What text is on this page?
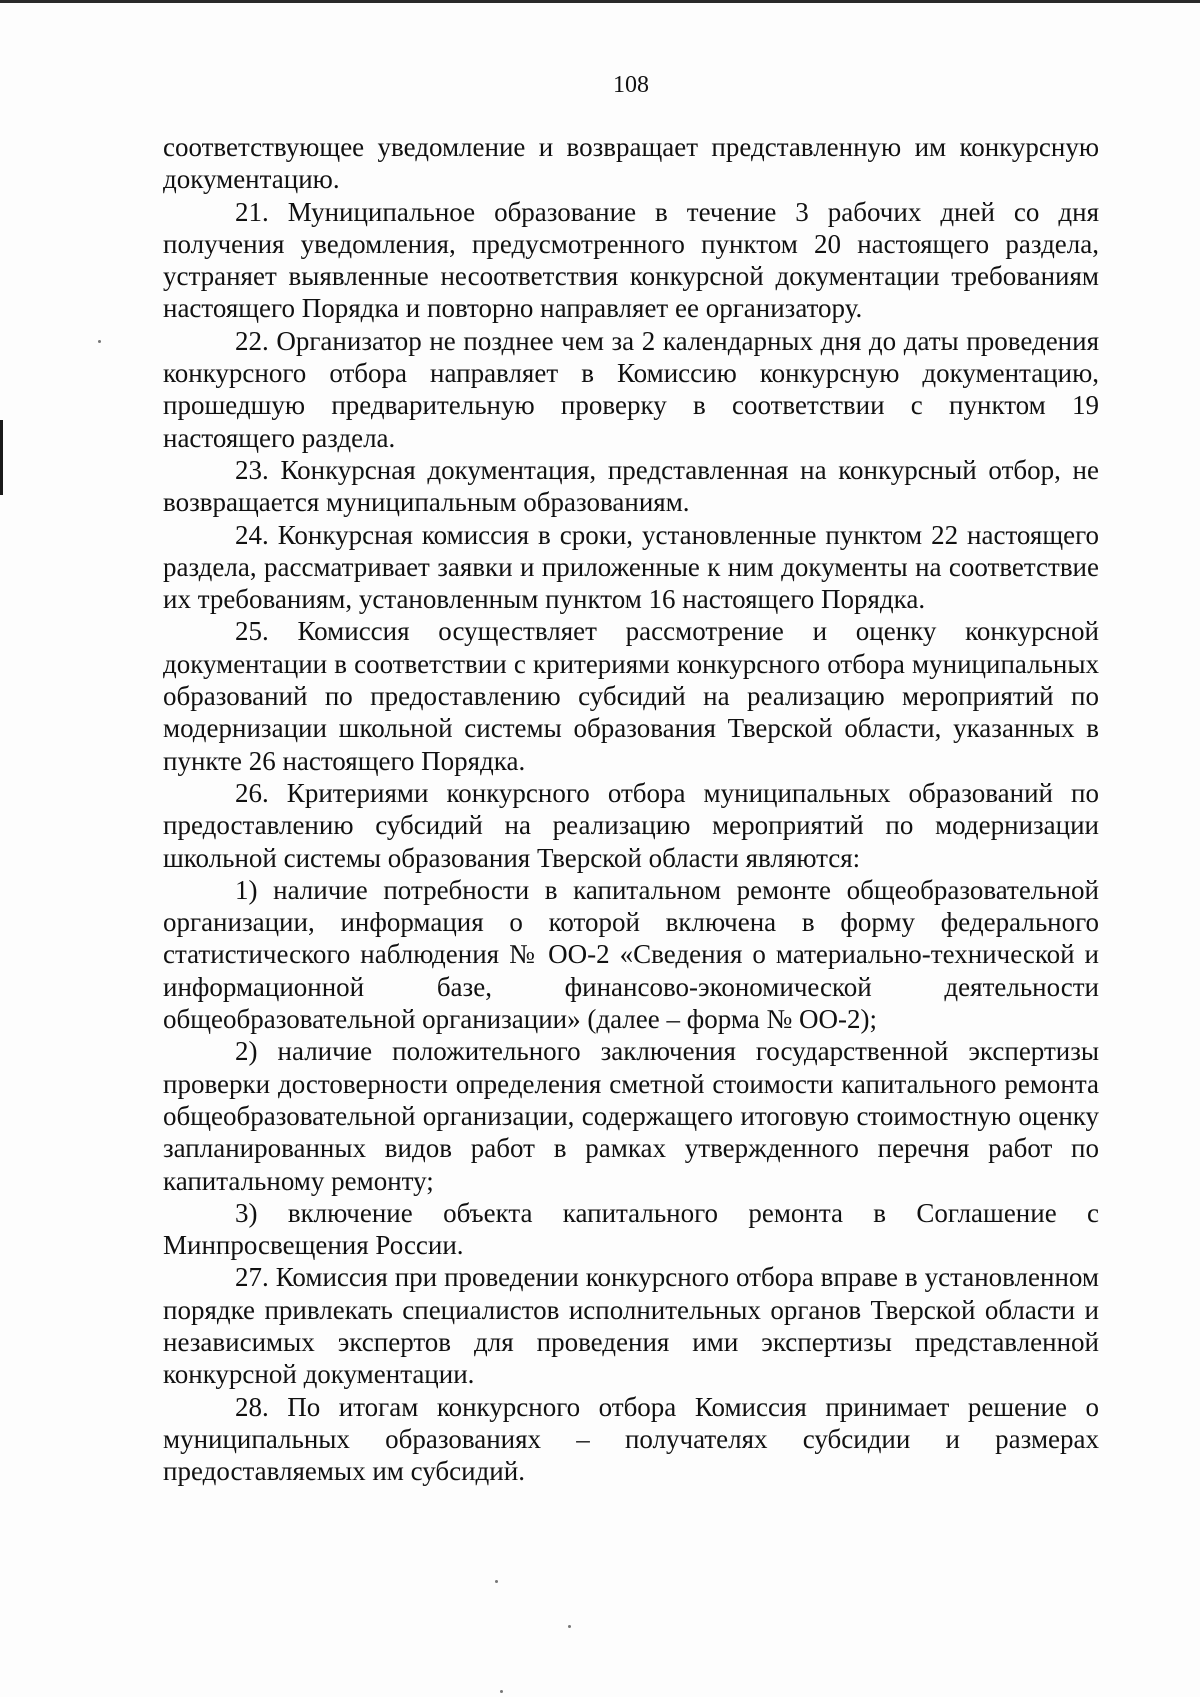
108

соответствующее уведомление и возвращает представленную им конкурсную документацию.

21. Муниципальное образование в течение 3 рабочих дней со дня получения уведомления, предусмотренного пунктом 20 настоящего раздела, устраняет выявленные несоответствия конкурсной документации требованиям настоящего Порядка и повторно направляет ее организатору.

22. Организатор не позднее чем за 2 календарных дня до даты проведения конкурсного отбора направляет в Комиссию конкурсную документацию, прошедшую предварительную проверку в соответствии с пунктом 19 настоящего раздела.

23. Конкурсная документация, представленная на конкурсный отбор, не возвращается муниципальным образованиям.

24. Конкурсная комиссия в сроки, установленные пунктом 22 настоящего раздела, рассматривает заявки и приложенные к ним документы на соответствие их требованиям, установленным пунктом 16 настоящего Порядка.

25. Комиссия осуществляет рассмотрение и оценку конкурсной документации в соответствии с критериями конкурсного отбора муниципальных образований по предоставлению субсидий на реализацию мероприятий по модернизации школьной системы образования Тверской области, указанных в пункте 26 настоящего Порядка.

26. Критериями конкурсного отбора муниципальных образований по предоставлению субсидий на реализацию мероприятий по модернизации школьной системы образования Тверской области являются:

1) наличие потребности в капитальном ремонте общеобразовательной организации, информация о которой включена в форму федерального статистического наблюдения № ОО-2 «Сведения о материально-технической и информационной базе, финансово-экономической деятельности общеобразовательной организации» (далее – форма № ОО-2);

2) наличие положительного заключения государственной экспертизы проверки достоверности определения сметной стоимости капитального ремонта общеобразовательной организации, содержащего итоговую стоимостную оценку запланированных видов работ в рамках утвержденного перечня работ по капитальному ремонту;

3) включение объекта капитального ремонта в Соглашение с Минпросвещения России.

27. Комиссия при проведении конкурсного отбора вправе в установленном порядке привлекать специалистов исполнительных органов Тверской области и независимых экспертов для проведения ими экспертизы представленной конкурсной документации.

28. По итогам конкурсного отбора Комиссия принимает решение о муниципальных образованиях – получателях субсидии и размерах предоставляемых им субсидий.
